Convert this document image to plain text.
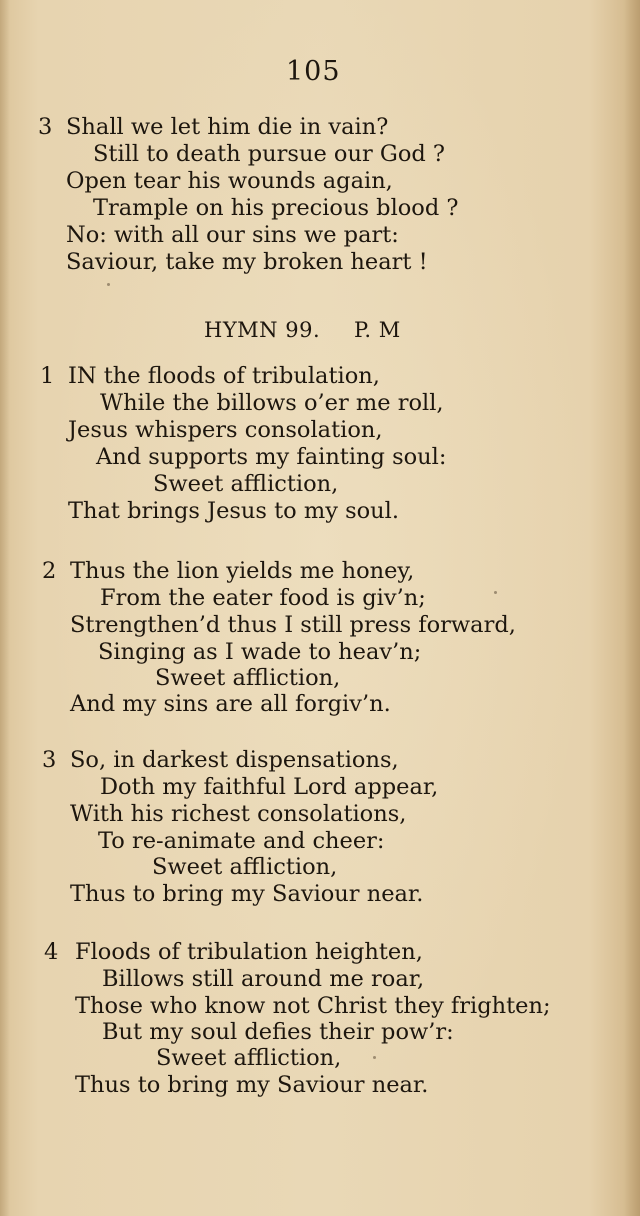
105
3 Shall we let him die in vain?
Still to death pursue our God ?
Open tear his wounds again,
Trample on his precious blood ?
No: with all our sins we part:
Saviour, take my broken heart !
HYMN 99. P. M
1 IN the floods of tribulation,
While the billows o’er me roll,
Jesus whispers consolation,
And supports my fainting soul:
Sweet affliction,
That brings Jesus to my soul.
2 Thus the lion yields me honey,
From the eater food is giv’n;
Strengthen’d thus I still press forward,
Singing as I wade to heav’n;
Sweet affliction,
And my sins are all forgiv’n.
3 So, in darkest dispensations,
Doth my faithful Lord appear,
With his richest consolations,
To re-animate and cheer:
Sweet affliction,
Thus to bring my Saviour near.
4 Floods of tribulation heighten,
Billows still around me roar,
Those who know not Christ they frighten;
But my soul defies their pow’r:
Sweet affliction,
Thus to bring my Saviour near.
